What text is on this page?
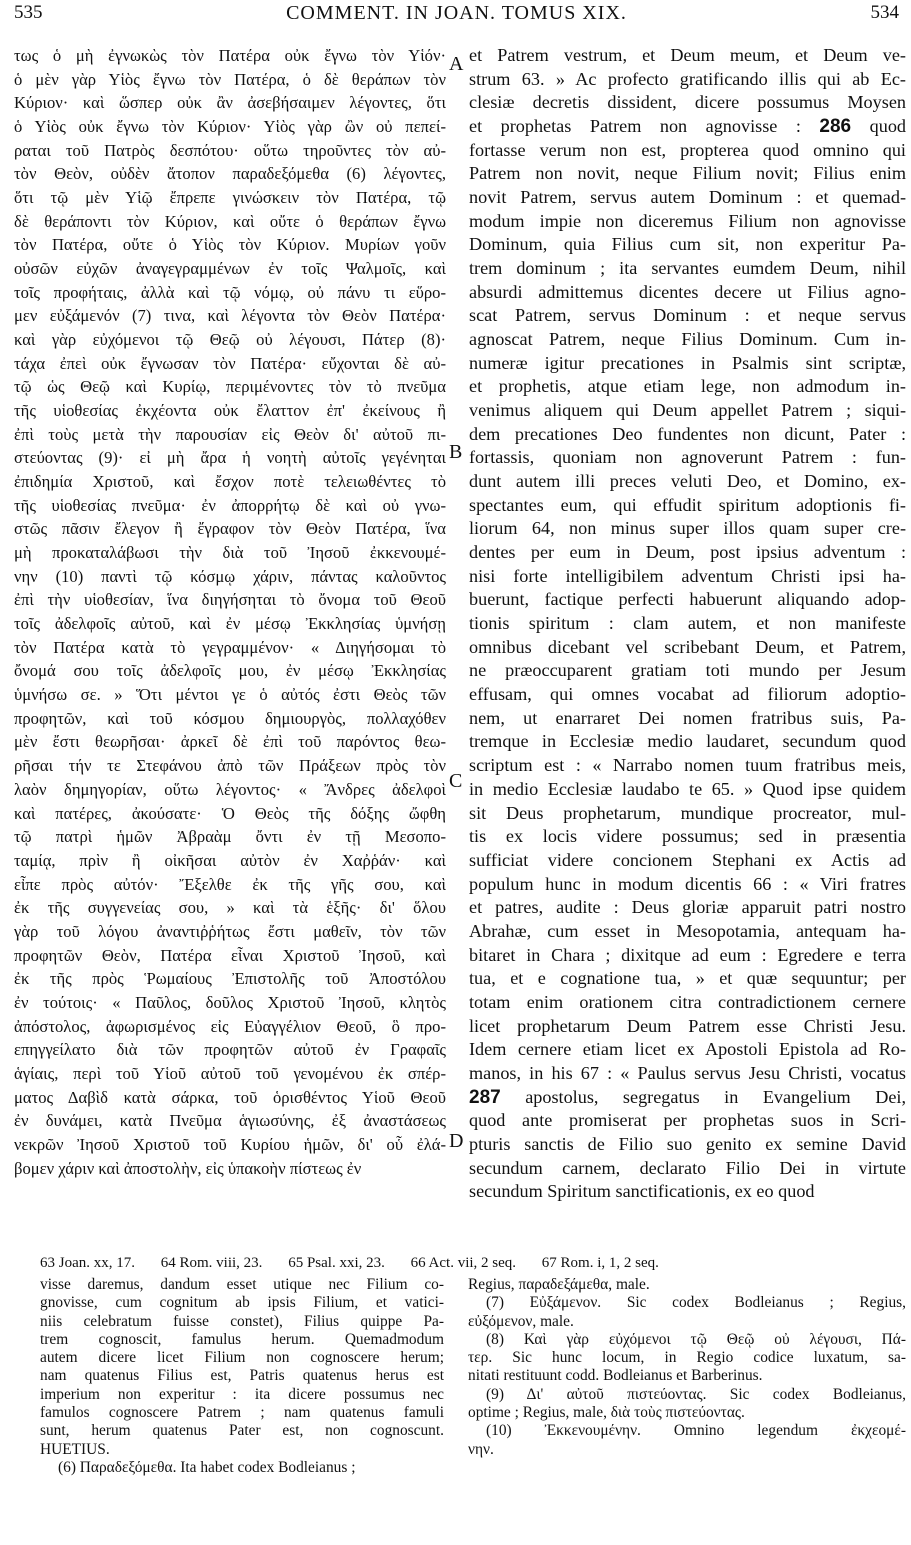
535	COMMENT. IN JOAN. TOMUS XIX.	534
τως ὁ μὴ ἐγνωκὼς τὸν Πατέρα οὐκ ἔγνω τὸν Υἱόν·
ὁ μὲν γὰρ Υἱὸς ἔγνω τὸν Πατέρα, ὁ δὲ θεράπων τὸν
Κύριον· καὶ ὥσπερ οὐκ ἂν ἀσεβήσαιμεν λέγοντες, ὅτι
ὁ Υἱὸς οὐκ ἔγνω τὸν Κύριον· Υἱὸς γὰρ ὢν οὐ πεπεί-
ραται τοῦ Πατρὸς δεσπότου· οὕτω τηροῦντες τὸν αὐ-
τὸν Θεὸν, οὐδὲν ἄτοπον παραδεξόμεθα (6) λέγοντες,
ὅτι τῷ μὲν Υἱῷ ἔπρεπε γινώσκειν τὸν Πατέρα, τῷ
δὲ θεράποντι τὸν Κύριον, καὶ οὔτε ὁ θεράπων ἔγνω
τὸν Πατέρα, οὔτε ὁ Υἱὸς τὸν Κύριον. Μυρίων γοῦν
οὐσῶν εὐχῶν ἀναγεγραμμένων ἐν τοῖς Ψαλμοῖς, καὶ
τοῖς προφήταις, ἀλλὰ καὶ τῷ νόμῳ, οὐ πάνυ τι εὕρο-
μεν εὐξάμενόν (7) τινα, καὶ λέγοντα τὸν Θεὸν Πατέρα·
καὶ γὰρ εὐχόμενοι τῷ Θεῷ οὐ λέγουσι, Πάτερ (8)·
τάχα ἐπεὶ οὐκ ἔγνωσαν τὸν Πατέρα· εὔχονται δὲ αὐ-
τῷ ὡς Θεῷ καὶ Κυρίῳ, περιμένοντες τὸν τὸ πνεῦμα
τῆς υἱοθεσίας ἐκχέοντα οὐκ ἔλαττον ἐπ' ἐκείνους ἢ
ἐπὶ τοὺς μετὰ τὴν παρουσίαν εἰς Θεὸν δι' αὐτοῦ πι-
στεύοντας (9)· εἰ μὴ ἄρα ἡ νοητὴ αὐτοῖς γεγένηται
ἐπιδημία Χριστοῦ, καὶ ἔσχον ποτὲ τελειωθέντες τὸ
τῆς υἱοθεσίας πνεῦμα· ἐν ἀπορρήτῳ δὲ καὶ οὐ γνω-
στῶς πᾶσιν ἔλεγον ἢ ἔγραφον τὸν Θεὸν Πατέρα, ἵνα
μὴ προκαταλάβωσι τὴν διὰ τοῦ Ἰησοῦ ἐκκενουμέ-
νην (10) παντὶ τῷ κόσμῳ χάριν, πάντας καλοῦντος
ἐπὶ τὴν υἱοθεσίαν, ἵνα διηγήσηται τὸ ὄνομα τοῦ Θεοῦ
τοῖς ἀδελφοῖς αὐτοῦ, καὶ ἐν μέσῳ Ἐκκλησίας ὑμνήσῃ
τὸν Πατέρα κατὰ τὸ γεγραμμένον· « Διηγήσομαι τὸ
ὄνομά σου τοῖς ἀδελφοῖς μου, ἐν μέσῳ Ἐκκλησίας
ὑμνήσω σε. » Ὅτι μέντοι γε ὁ αὐτός ἐστι Θεὸς τῶν
προφητῶν, καὶ τοῦ κόσμου δημιουργὸς, πολλαχόθεν
μὲν ἔστι θεωρῆσαι· ἀρκεῖ δὲ ἐπὶ τοῦ παρόντος θεω-
ρῆσαι τήν τε Στεφάνου ἀπὸ τῶν Πράξεων πρὸς τὸν
λαὸν δημηγορίαν, οὕτω λέγοντος· « Ἄνδρες ἀδελφοὶ
καὶ πατέρες, ἀκούσατε· Ὁ Θεὸς τῆς δόξης ὤφθη
τῷ πατρὶ ἡμῶν Ἀβραὰμ ὄντι ἐν τῇ Μεσοπο-
ταμίᾳ, πρὶν ἢ οἰκῆσαι αὐτὸν ἐν Χαῤῥάν· καὶ
εἶπε πρὸς αὐτόν· Ἔξελθε ἐκ τῆς γῆς σου, καὶ
ἐκ τῆς συγγενείας σου, » καὶ τὰ ἑξῆς· δι' ὅλου
γὰρ τοῦ λόγου ἀναντιῤῥήτως ἔστι μαθεῖν, τὸν τῶν
προφητῶν Θεὸν, Πατέρα εἶναι Χριστοῦ Ἰησοῦ, καὶ
ἐκ τῆς πρὸς Ῥωμαίους Ἐπιστολῆς τοῦ Ἀποστόλου
ἐν τούτοις· « Παῦλος, δοῦλος Χριστοῦ Ἰησοῦ, κλητὸς
ἀπόστολος, ἀφωρισμένος εἰς Εὐαγγέλιον Θεοῦ, ὃ προ-
επηγγείλατο διὰ τῶν προφητῶν αὐτοῦ ἐν Γραφαῖς
ἁγίαις, περὶ τοῦ Υἱοῦ αὐτοῦ τοῦ γενομένου ἐκ σπέρ-
ματος Δαβὶδ κατὰ σάρκα, τοῦ ὁρισθέντος Υἱοῦ Θεοῦ
ἐν δυνάμει, κατὰ Πνεῦμα ἁγιωσύνης, ἐξ ἀναστάσεως
νεκρῶν Ἰησοῦ Χριστοῦ τοῦ Κυρίου ἡμῶν, δι' οὗ ἐλά-
βομεν χάριν καὶ ἀποστολὴν, εἰς ὑπακοὴν πίστεως ἐν
A
B
C
D
et Patrem vestrum, et Deum meum, et Deum ve-
strum 63. » Ac profecto gratificando illis qui ab Ec-
clesiæ decretis dissident, dicere possumus Moysen
et prophetas Patrem non agnovisse : 286 quod
fortasse verum non est, propterea quod omnino qui
Patrem non novit, neque Filium novit; Filius enim
novit Patrem, servus autem Dominum : et quemad-
modum impie non diceremus Filium non agnovisse
Dominum, quia Filius cum sit, non experitur Pa-
trem dominum ; ita servantes eumdem Deum, nihil
absurdi admittemus dicentes decere ut Filius agno-
scat Patrem, servus Dominum : et neque servus
agnoscat Patrem, neque Filius Dominum. Cum in-
numeræ igitur precationes in Psalmis sint scriptæ,
et prophetis, atque etiam lege, non admodum in-
venimus aliquem qui Deum appellet Patrem ; siqui-
dem precationes Deo fundentes non dicunt, Pater :
fortassis, quoniam non agnoverunt Patrem : fun-
dunt autem illi preces veluti Deo, et Domino, ex-
spectantes eum, qui effudit spiritum adoptionis fi-
liorum 64, non minus super illos quam super cre-
dentes per eum in Deum, post ipsius adventum :
nisi forte intelligibilem adventum Christi ipsi ha-
buerunt, factique perfecti habuerunt aliquando adop-
tionis spiritum : clam autem, et non manifeste
omnibus dicebant vel scribebant Deum, et Patrem,
ne præoccuparent gratiam toti mundo per Jesum
effusam, qui omnes vocabat ad filiorum adoptio-
nem, ut enarraret Dei nomen fratribus suis, Pa-
tremque in Ecclesiæ medio laudaret, secundum quod
scriptum est : « Narrabo nomen tuum fratribus meis,
in medio Ecclesiæ laudabo te 65. » Quod ipse quidem
sit Deus prophetarum, mundique procreator, mul-
tis ex locis videre possumus; sed in præsentia
sufficiat videre concionem Stephani ex Actis ad
populum hunc in modum dicentis 66 : « Viri fratres
et patres, audite : Deus gloriæ apparuit patri nostro
Abrahæ, cum esset in Mesopotamia, antequam ha-
bitaret in Chara ; dixitque ad eum : Egredere e terra
tua, et e cognatione tua, » et quæ sequuntur; per
totam enim orationem citra contradictionem cernere
licet prophetarum Deum Patrem esse Christi Jesu.
Idem cernere etiam licet ex Apostoli Epistola ad Ro-
manos, in his 67 : « Paulus servus Jesu Christi, vocatus
287 apostolus, segregatus in Evangelium Dei,
quod ante promiserat per prophetas suos in Scri-
pturis sanctis de Filio suo genito ex semine David
secundum carnem, declarato Filio Dei in virtute
secundum Spiritum sanctificationis, ex eo quod
63 Joan. xx, 17. 64 Rom. viii, 23. 65 Psal. xxi, 23. 66 Act. vii, 2 seq. 67 Rom. i, 1, 2 seq.
visse daremus, dandum esset utique nec Filium co-
gnovisse, cum cognitum ab ipsis Filium, et vatici-
niis celebratum fuisse constet), Filius quippe Pa-
trem cognoscit, famulus herum. Quemadmodum
autem dicere licet Filium non cognoscere herum;
nam quatenus Filius est, Patris quatenus herus est
imperium non experitur : ita dicere possumus nec
famulos cognoscere Patrem ; nam quatenus famuli
sunt, herum quatenus Pater est, non cognoscunt.
HUETIUS.
(6) Παραδεξόμεθα. Ita habet codex Bodleianus ;
Regius, παραδεξάμεθα, male.
(7) Εὐξάμενον. Sic codex Bodleianus ; Regius,
εὐξόμενον, male.
(8) Καὶ γὰρ εὐχόμενοι τῷ Θεῷ οὐ λέγουσι, Πά-
τερ. Sic hunc locum, in Regio codice luxatum, sa-
nitati restituunt codd. Bodleianus et Barberinus.
(9) Δι' αὐτοῦ πιστεύοντας. Sic codex Bodleianus,
optime ; Regius, male, διὰ τοὺς πιστεύοντας.
(10) Ἐκκενουμένην. Omnino legendum ἐκχεομέ-
νην.
